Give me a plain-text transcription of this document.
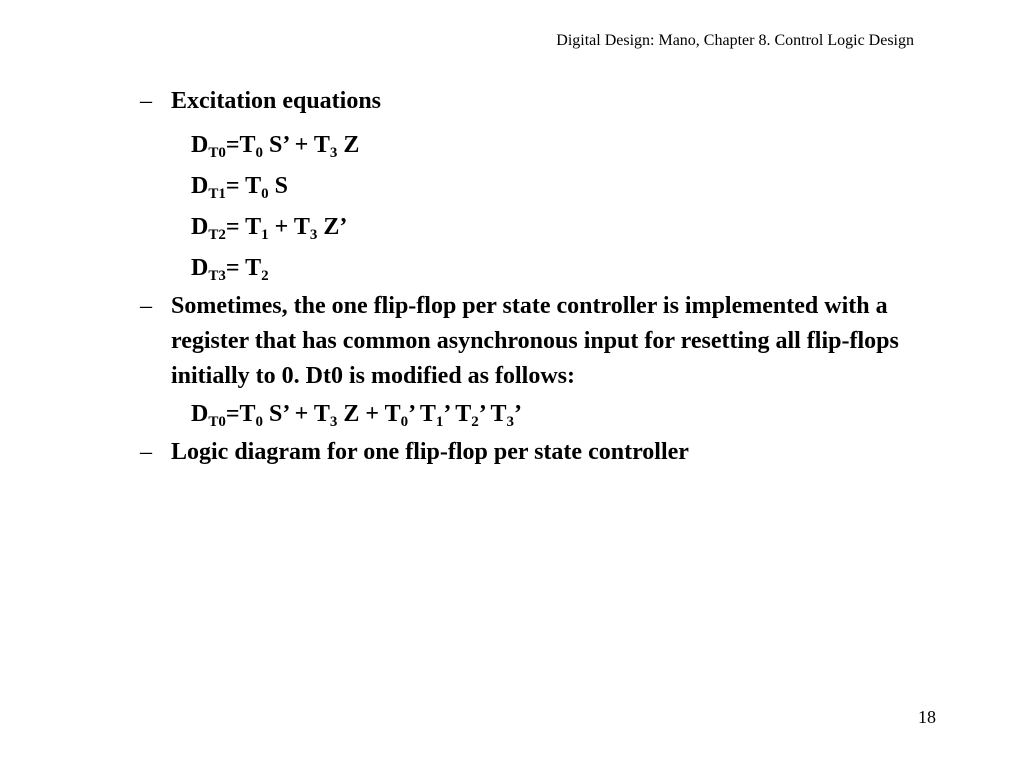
Digital Design: Mano, Chapter 8. Control Logic Design
– Excitation equations
$D_{T0}=T_0$ S’ + $T_3$ Z
$D_{T1}= T_0$ S
$D_{T2}= T_1 + T_3$ Z’
$D_{T3}= T_2$
– Sometimes, the one flip-flop per state controller is implemented with a register that has common asynchronous input for resetting all flip-flops initially to 0. Dt0 is modified as follows:
$D_{T0}=T_0$ S’ + $T_3$ $Z + T_0$’ $T_1$’ $T_2$’ $T_3$’
– Logic diagram for one flip-flop per state controller
18
